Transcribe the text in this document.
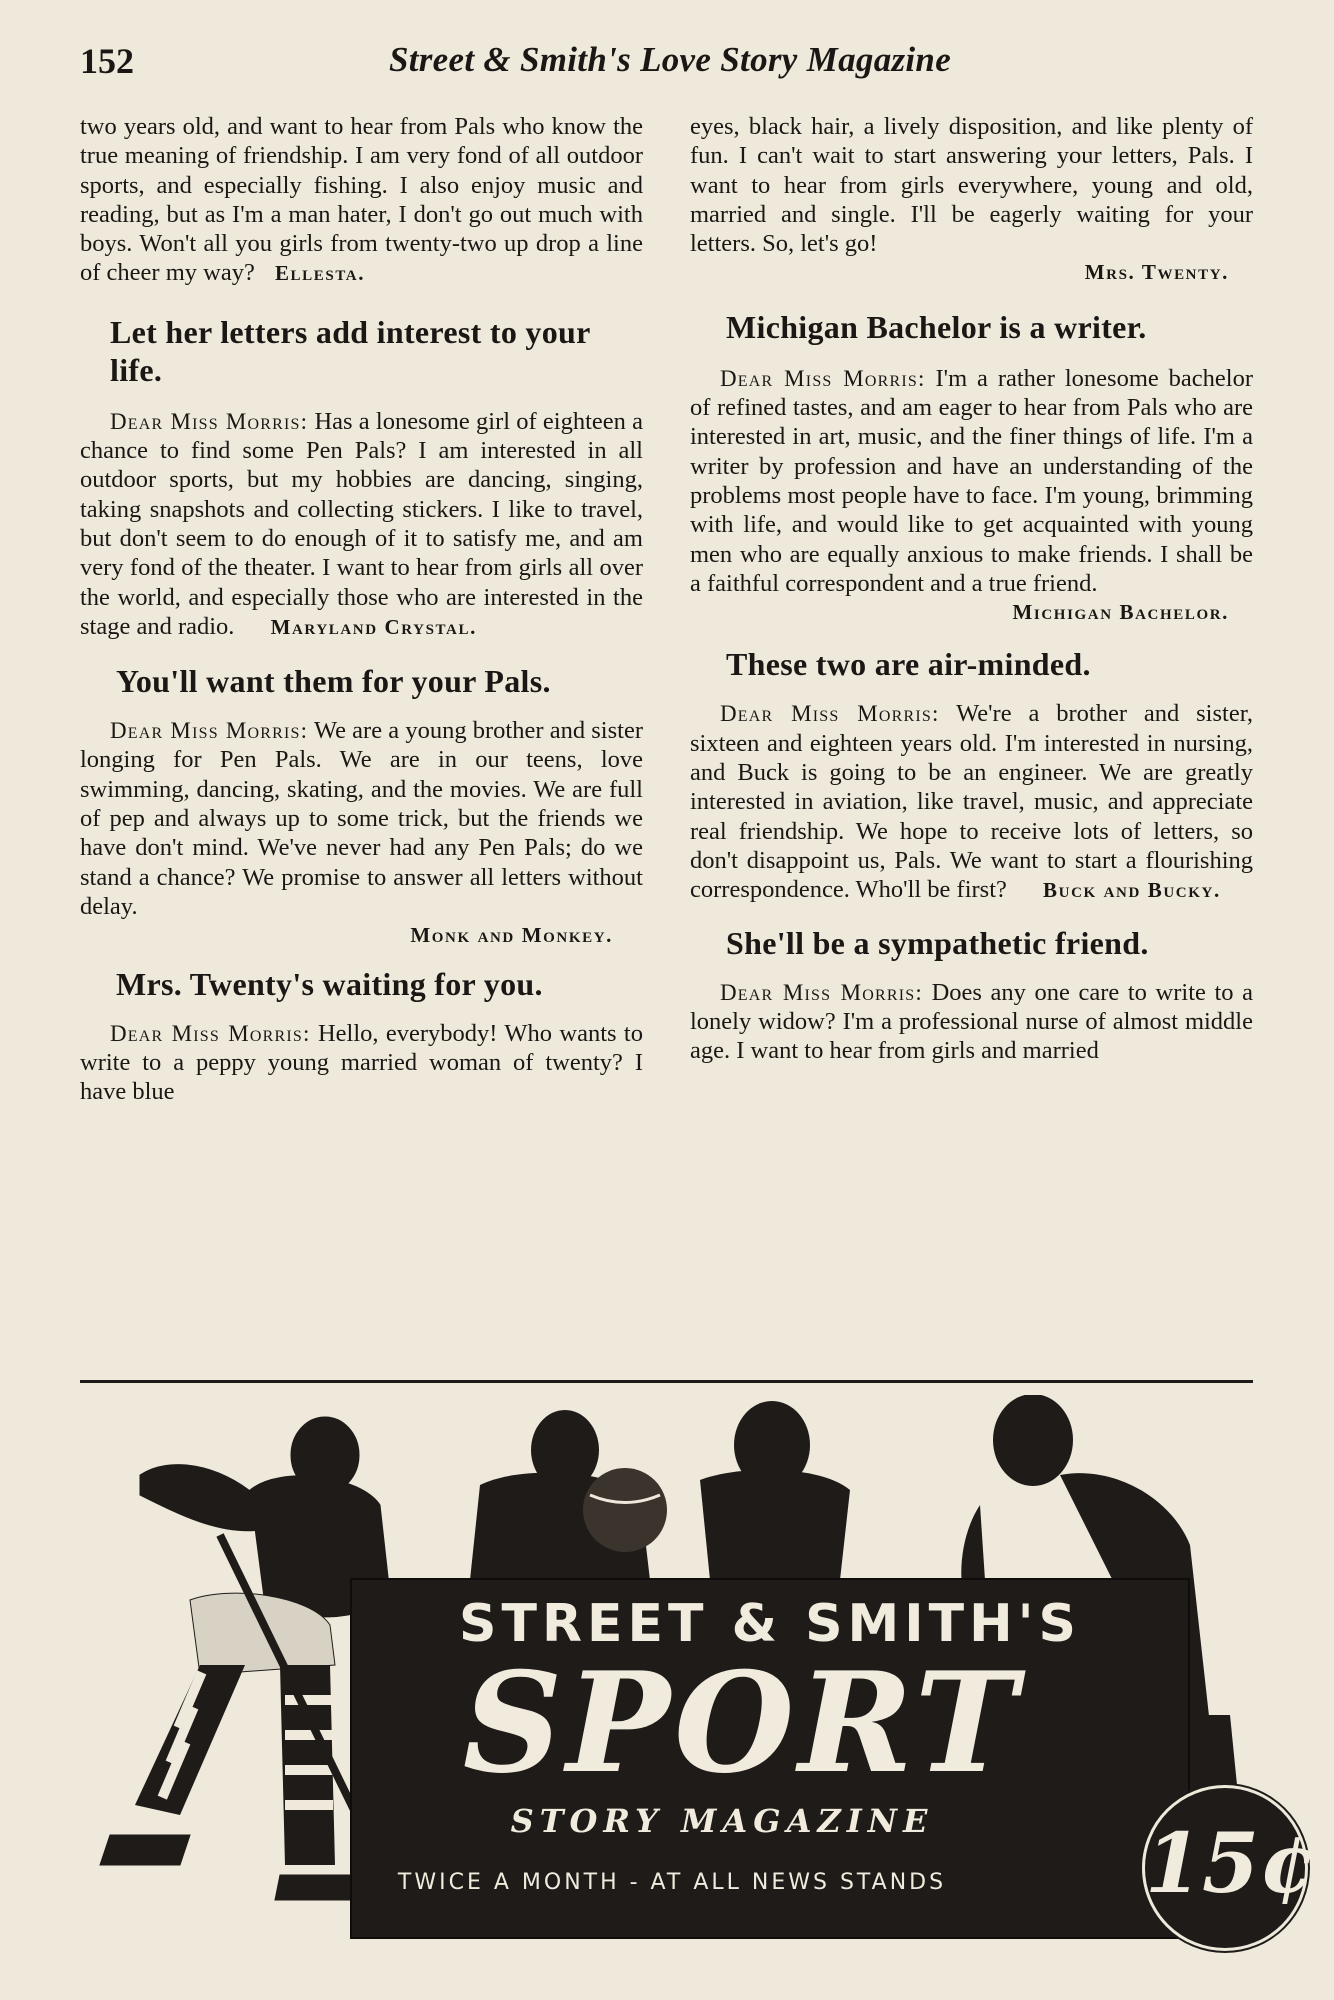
Street & Smith's Love Story Magazine
152

two years old, and want to hear from Pals who know the true meaning of friendship. I am very fond of all outdoor sports, and especially fishing. I also enjoy music and reading, but as I'm a man hater, I don't go out much with boys. Won't all you girls from twenty-two up drop a line of cheer my way? Ellesta.

Let her letters add interest to your life.

Dear Miss Morris: Has a lonesome girl of eighteen a chance to find some Pen Pals? I am interested in all outdoor sports, but my hobbies are dancing, singing, taking snapshots and collecting stickers. I like to travel, but don't seem to do enough of it to satisfy me, and am very fond of the theater. I want to hear from girls all over the world, and especially those who are interested in the stage and radio. Maryland Crystal.

You'll want them for your Pals.

Dear Miss Morris: We are a young brother and sister longing for Pen Pals. We are in our teens, love swimming, dancing, skating, and the movies. We are full of pep and always up to some trick, but the friends we have don't mind. We've never had any Pen Pals; do we stand a chance? We promise to answer all letters without delay.

Monk and Monkey.

Mrs. Twenty's waiting for you.

Dear Miss Morris: Hello, everybody! Who wants to write to a peppy young married woman of twenty? I have blue

eyes, black hair, a lively disposition, and like plenty of fun. I can't wait to start answering your letters, Pals. I want to hear from girls everywhere, young and old, married and single. I'll be eagerly waiting for your letters. So, let's go!

Mrs. Twenty.

Michigan Bachelor is a writer.

Dear Miss Morris: I'm a rather lonesome bachelor of refined tastes, and am eager to hear from Pals who are interested in art, music, and the finer things of life. I'm a writer by profession and have an understanding of the problems most people have to face. I'm young, brimming with life, and would like to get acquainted with young men who are equally anxious to make friends. I shall be a faithful correspondent and a true friend.

Michigan Bachelor.

These two are air-minded.

Dear Miss Morris: We're a brother and sister, sixteen and eighteen years old. I'm interested in nursing, and Buck is going to be an engineer. We are greatly interested in aviation, like travel, music, and appreciate real friendship. We hope to receive lots of letters, so don't disappoint us, Pals. We want to start a flourishing correspondence. Who'll be first? Buck and Bucky.

She'll be a sympathetic friend.

Dear Miss Morris: Does any one care to write to a lonely widow? I'm a professional nurse of almost middle age. I want to hear from girls and married

STREET & SMITH'S
SPORT
STORY MAGAZINE
TWICE A MONTH - AT ALL NEWS STANDS 15¢
